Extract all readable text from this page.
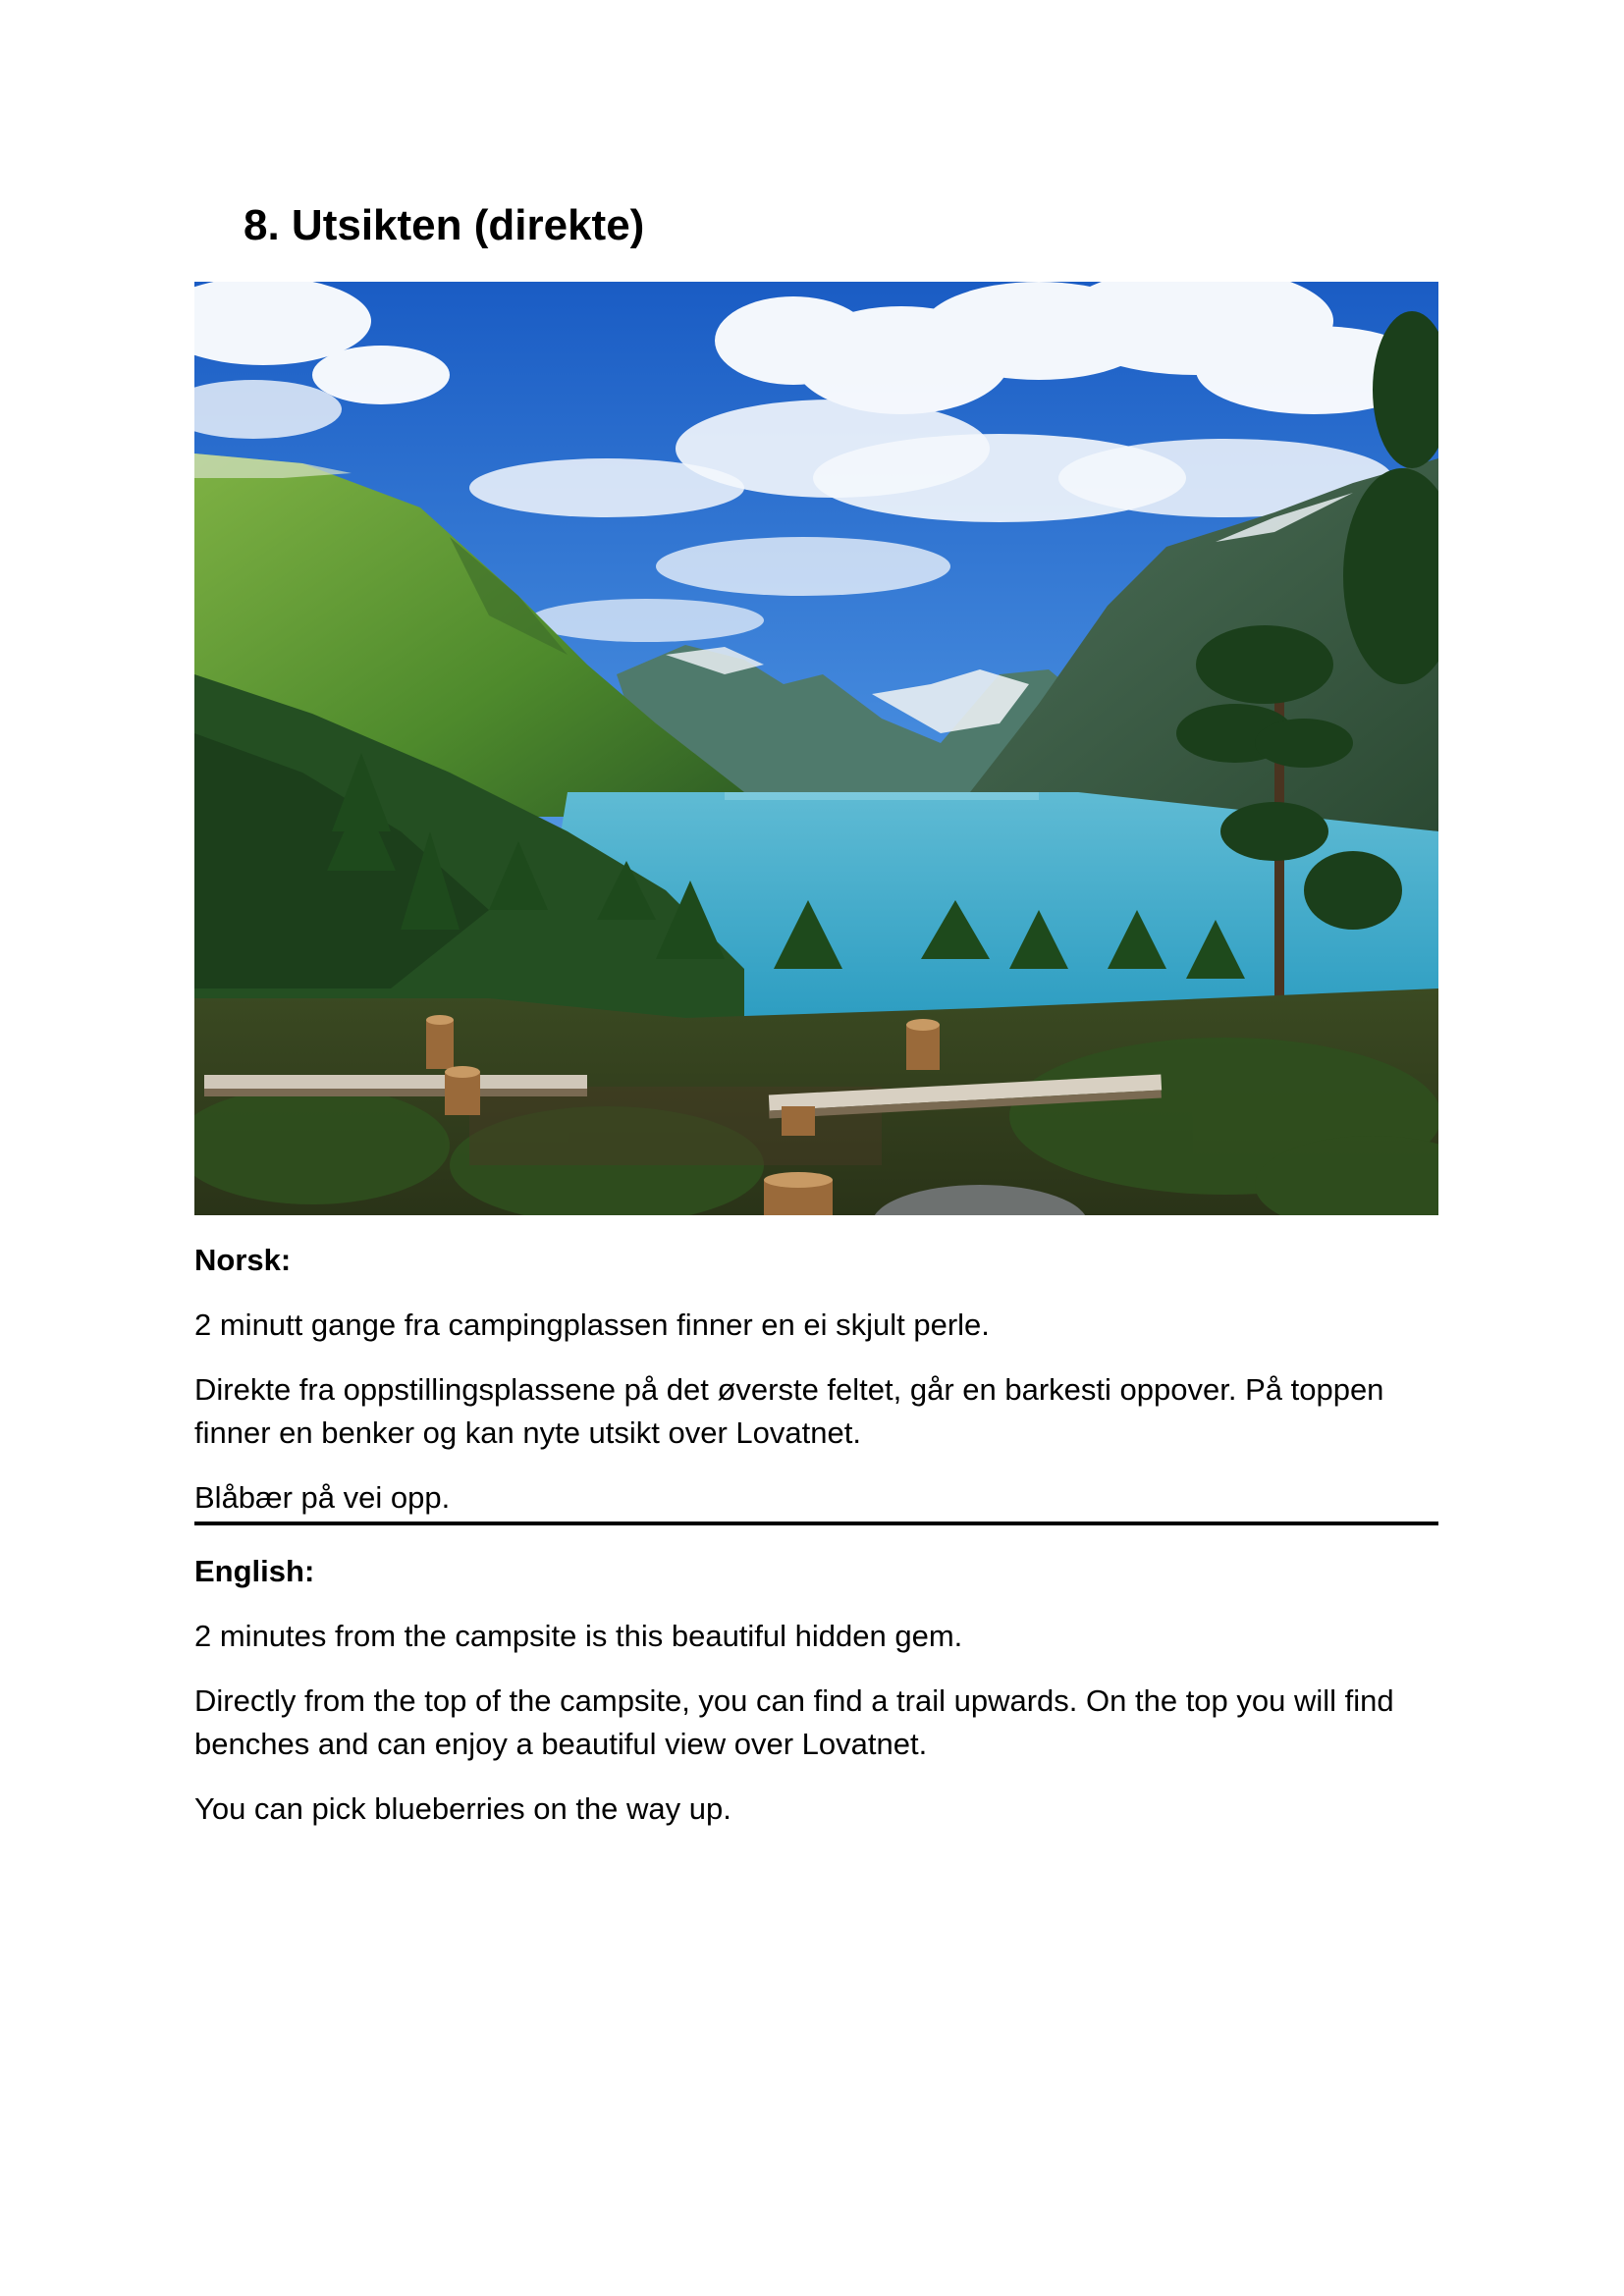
8. Utsikten (direkte)

Norsk:

2 minutt gange fra campingplassen finner en ei skjult perle.

Direkte fra oppstillingsplassene på det øverste feltet, går en barkesti oppover. På toppen finner en benker og kan nyte utsikt over Lovatnet.

Blåbær på vei opp.

English:

2 minutes from the campsite is this beautiful hidden gem.

Directly from the top of the campsite, you can find a trail upwards. On the top you will find benches and can enjoy a beautiful view over Lovatnet.

You can pick blueberries on the way up.
